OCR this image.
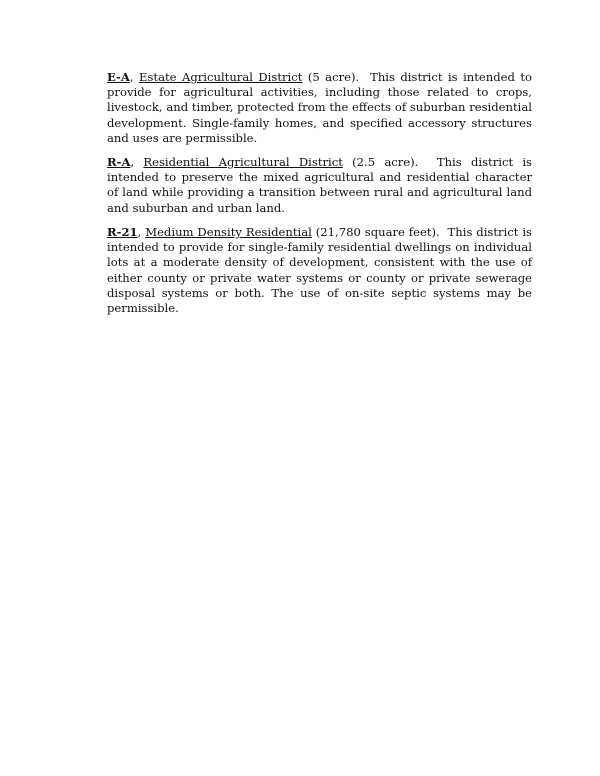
E-A, Estate Agricultural District (5 acre). This district is intended to provide for agricultural activities, including those related to crops, livestock, and timber, protected from the effects of suburban residential development. Single-family homes, and specified accessory structures and uses are permissible.
R-A, Residential Agricultural District (2.5 acre). This district is intended to preserve the mixed agricultural and residential character of land while providing a transition between rural and agricultural land and suburban and urban land.
R-21, Medium Density Residential (21,780 square feet). This district is intended to provide for single-family residential dwellings on individual lots at a moderate density of development, consistent with the use of either county or private water systems or county or private sewerage disposal systems or both. The use of on-site septic systems may be permissible.
